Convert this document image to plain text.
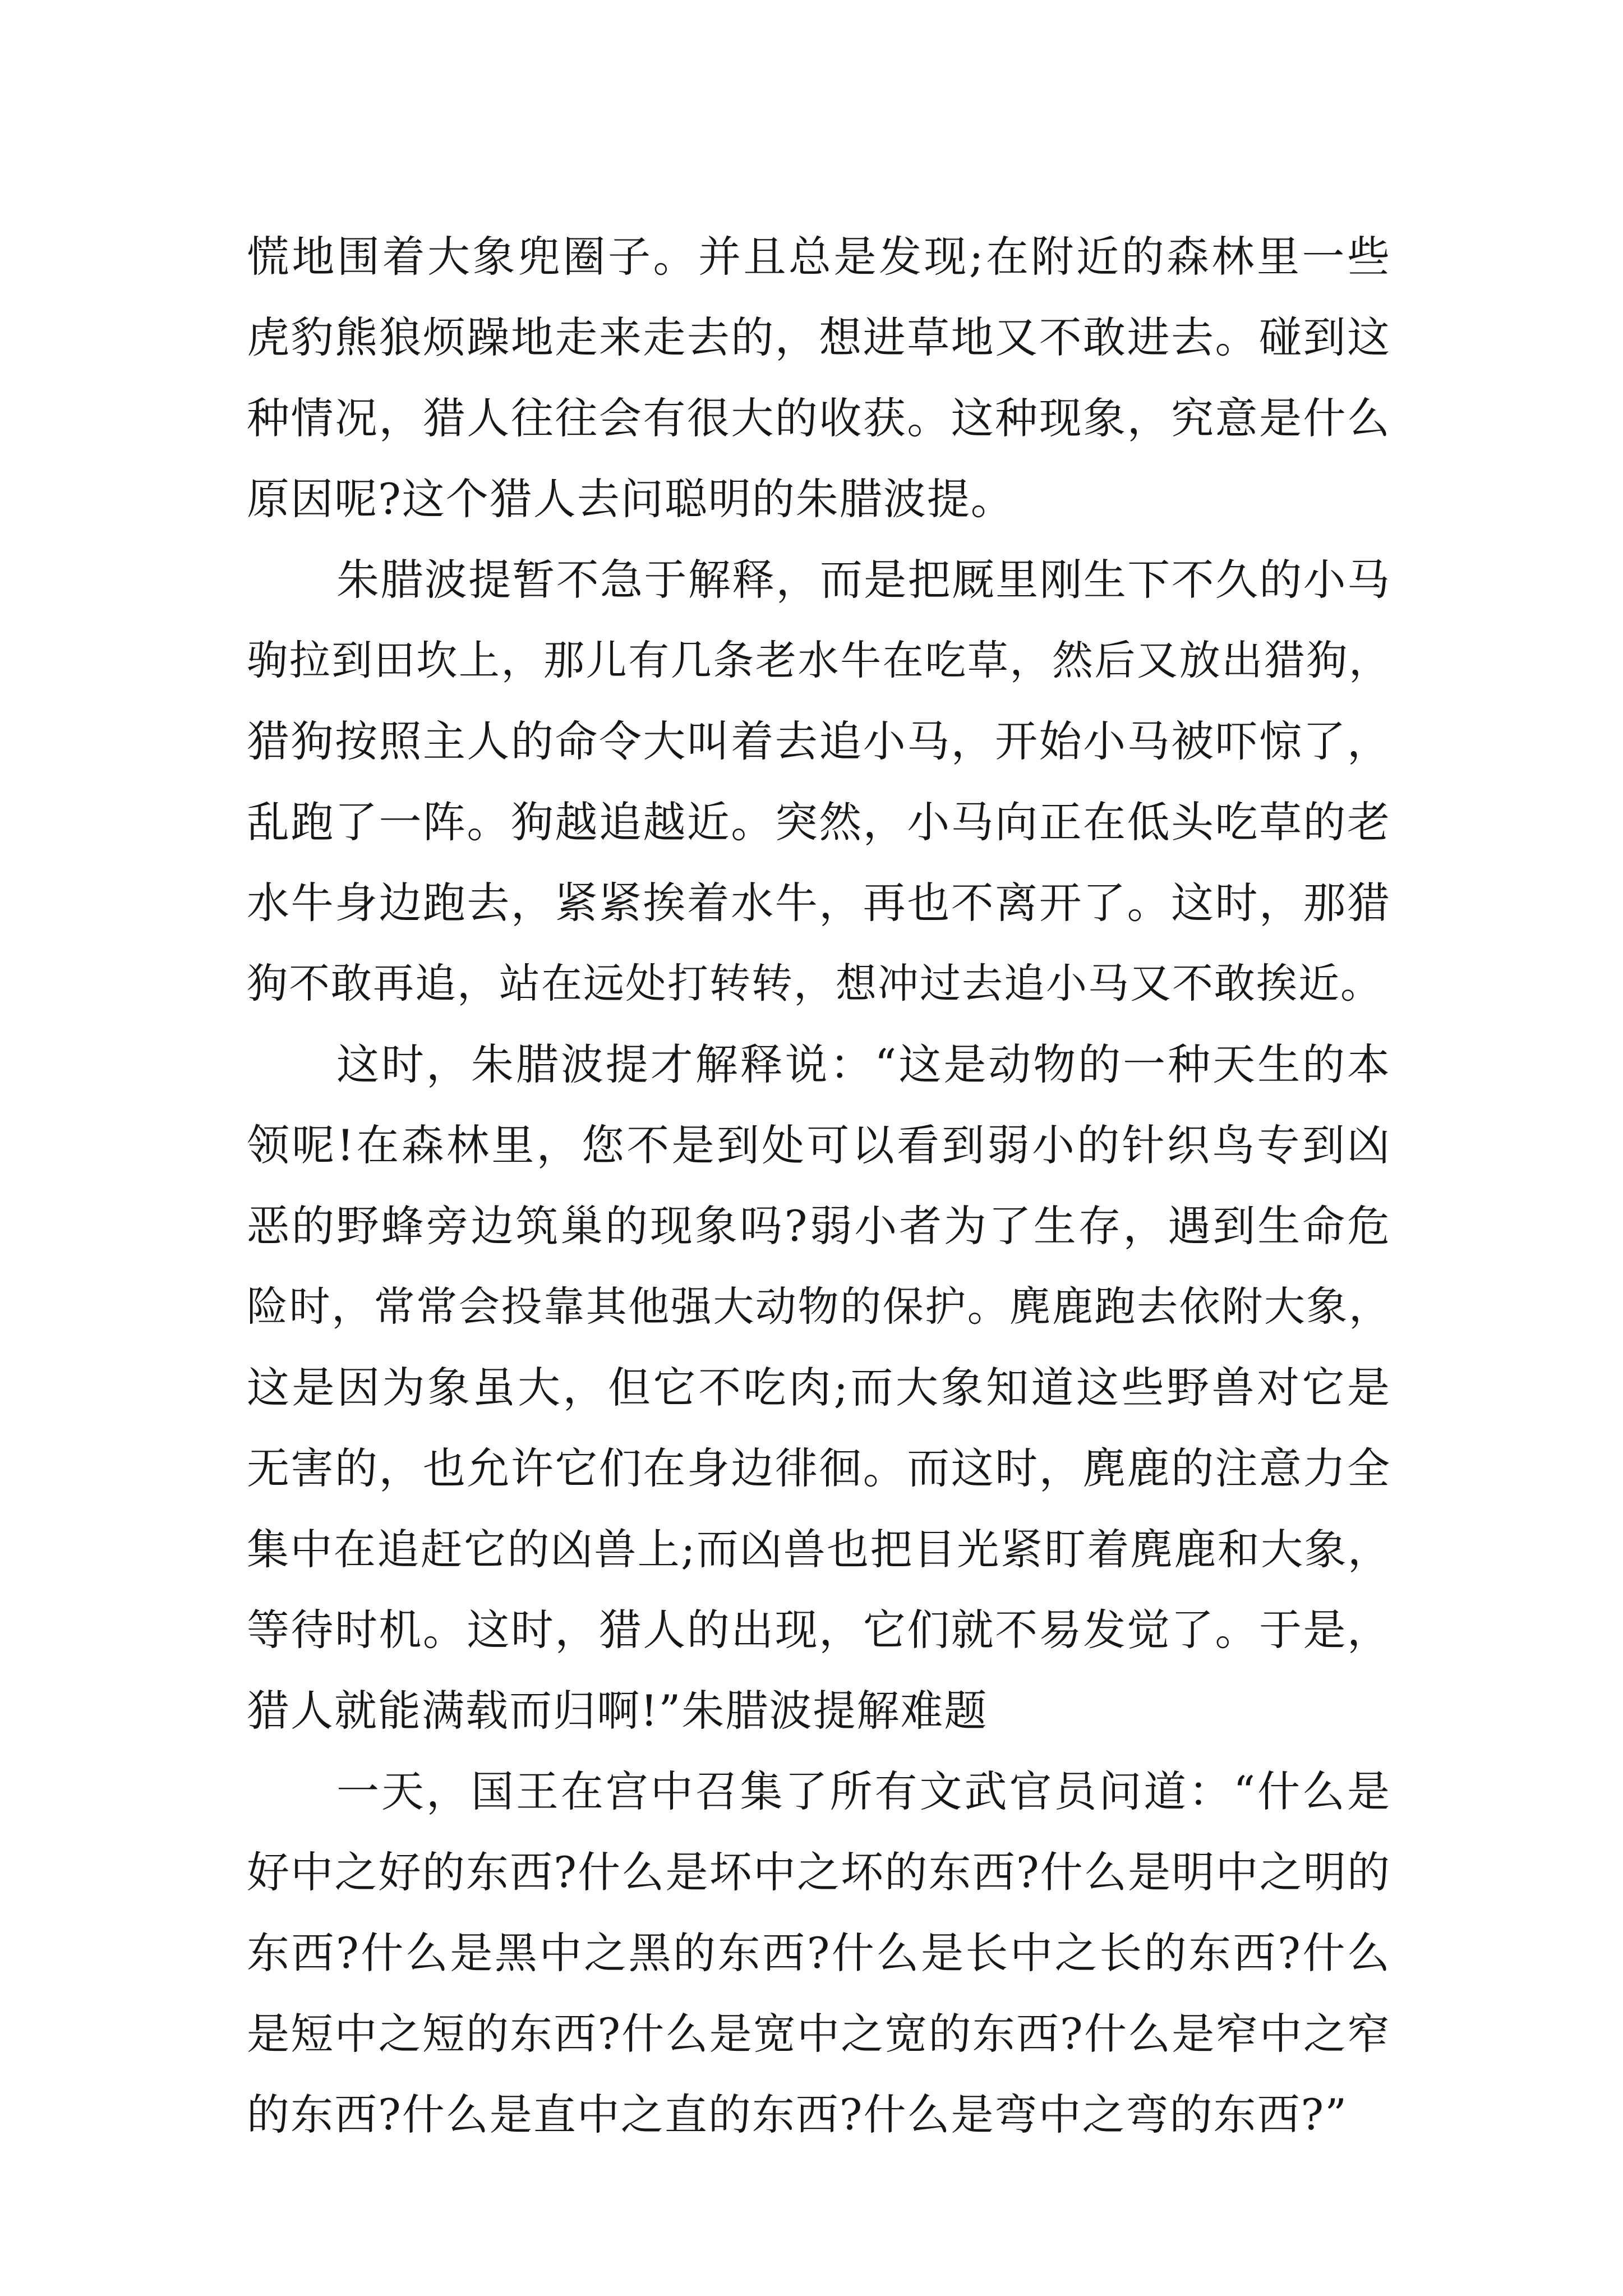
慌地围着大象兜圈子。并且总是发现;在附近的森林里一些
虎豹熊狼烦躁地走来走去的，想进草地又不敢进去。碰到这
种情况，猎人往往会有很大的收获。这种现象，究意是什么
原因呢?这个猎人去问聪明的朱腊波提。
朱腊波提暂不急于解释，而是把厩里刚生下不久的小马
驹拉到田坎上，那儿有几条老水牛在吃草，然后又放出猎狗，
猎狗按照主人的命令大叫着去追小马，开始小马被吓惊了，
乱跑了一阵。狗越追越近。突然，小马向正在低头吃草的老
水牛身边跑去，紧紧挨着水牛，再也不离开了。这时，那猎
狗不敢再追，站在远处打转转，想冲过去追小马又不敢挨近。
这时，朱腊波提才解释说：“这是动物的一种天生的本
领呢!在森林里，您不是到处可以看到弱小的针织鸟专到凶
恶的野蜂旁边筑巢的现象吗?弱小者为了生存，遇到生命危
险时，常常会投靠其他强大动物的保护。麂鹿跑去依附大象，
这是因为象虽大，但它不吃肉;而大象知道这些野兽对它是
无害的，也允许它们在身边徘徊。而这时，麂鹿的注意力全
集中在追赶它的凶兽上;而凶兽也把目光紧盯着麂鹿和大象，
等待时机。这时，猎人的出现，它们就不易发觉了。于是，
猎人就能满载而归啊!”朱腊波提解难题
一天，国王在宫中召集了所有文武官员问道：“什么是
好中之好的东西?什么是坏中之坏的东西?什么是明中之明的
东西?什么是黑中之黑的东西?什么是长中之长的东西?什么
是短中之短的东西?什么是宽中之宽的东西?什么是窄中之窄
的东西?什么是直中之直的东西?什么是弯中之弯的东西?”
